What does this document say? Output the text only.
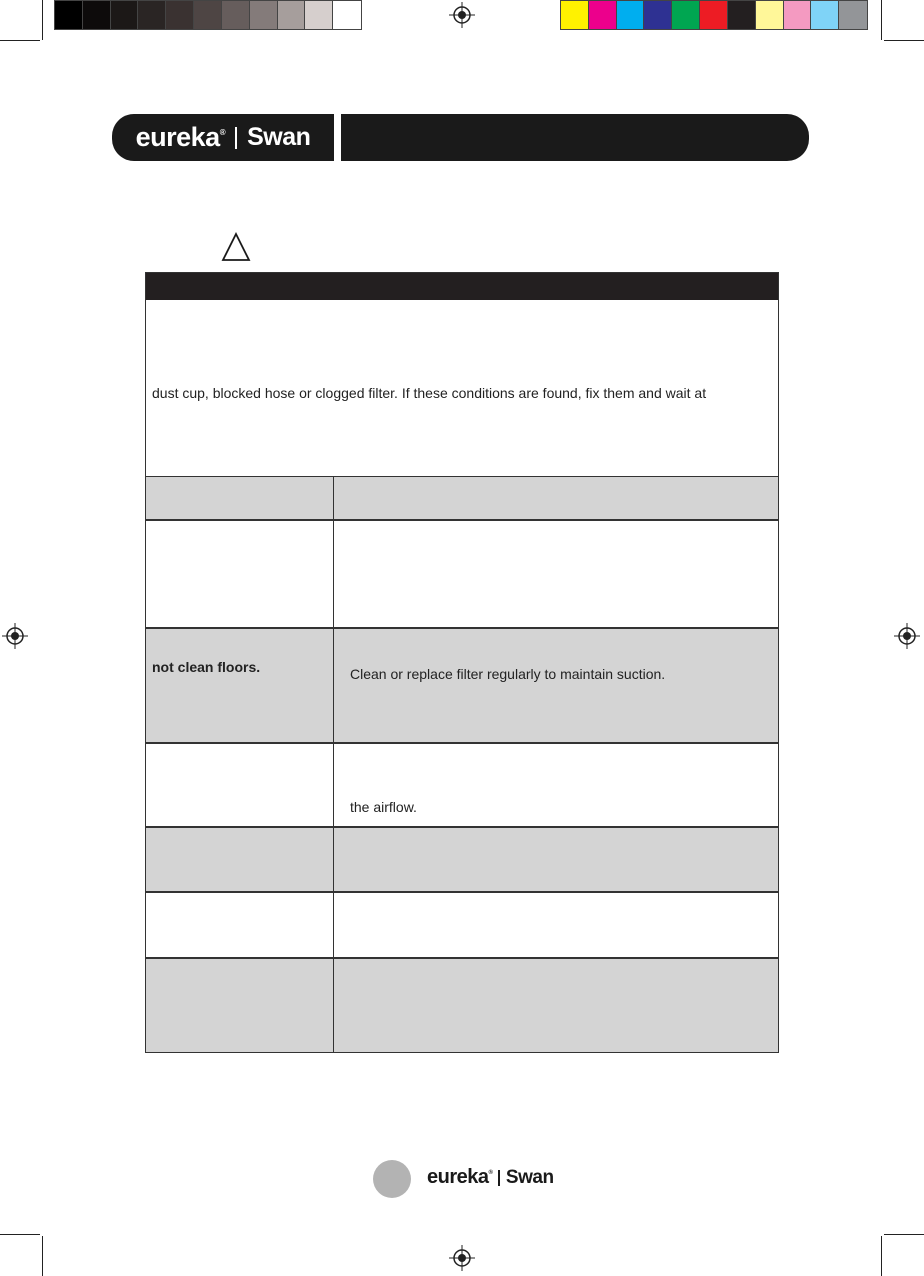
eureka® Swan
dust cup, blocked hose or clogged filter. If these conditions are found, fix them and wait at
not clean floors.	Clean or replace filter regularly to maintain suction.
the airflow.
eureka® Swan
